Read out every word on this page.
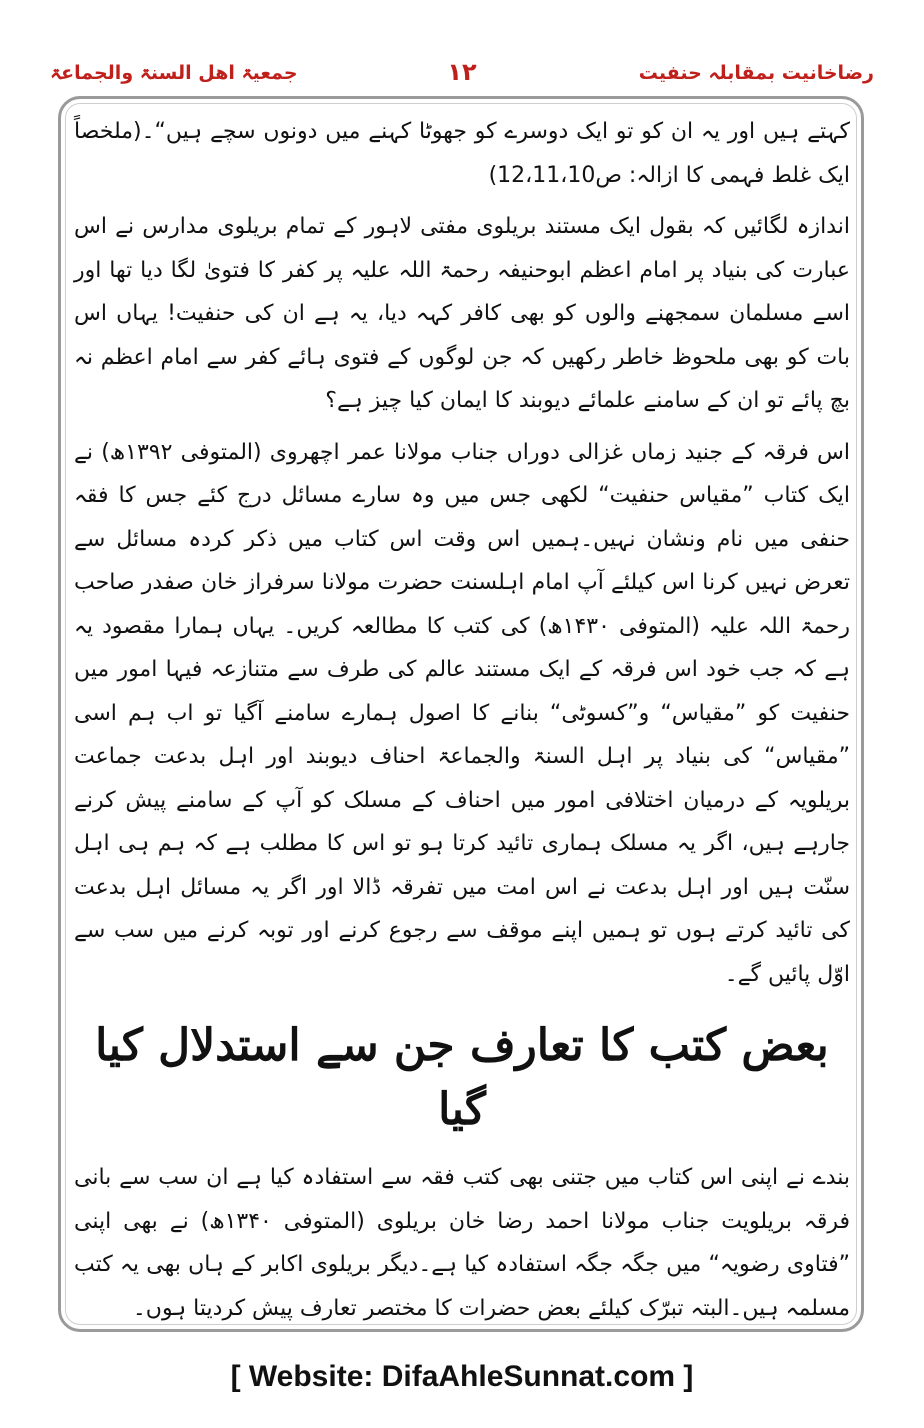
رضاخانیت بمقابلہ حنفیت
۱۲
جمعیۃ اھل السنۃ والجماعۃ

کہتے ہیں اور یہ ان کو تو ایک دوسرے کو جھوٹا کہنے میں دونوں سچے ہیں“۔(ملخصاً ایک غلط فہمی کا ازالہ: ص12،11،10)

اندازہ لگائیں کہ بقول ایک مستند بریلوی مفتی لاہور کے تمام بریلوی مدارس نے اس عبارت کی بنیاد پر امام اعظم ابوحنیفہ رحمۃ اللہ علیہ پر کفر کا فتویٰ لگا دیا تھا اور اسے مسلمان سمجھنے والوں کو بھی کافر کہہ دیا، یہ ہے ان کی حنفیت! یہاں اس بات کو بھی ملحوظ خاطر رکھیں کہ جن لوگوں کے فتوی ہائے کفر سے امام اعظم نہ بچ پائے تو ان کے سامنے علمائے دیوبند کا ایمان کیا چیز ہے؟

اس فرقہ کے جنید زماں غزالی دوراں جناب مولانا عمر اچھروی (المتوفی ۱۳۹۲ھ) نے ایک کتاب ”مقیاس حنفیت“ لکھی جس میں وہ سارے مسائل درج کئے جس کا فقہ حنفی میں نام ونشان نہیں۔ہمیں اس وقت اس کتاب میں ذکر کردہ مسائل سے تعرض نہیں کرنا اس کیلئے آپ امام اہلسنت حضرت مولانا سرفراز خان صفدر صاحب رحمۃ اللہ علیہ (المتوفی ۱۴۳۰ھ) کی کتب کا مطالعہ کریں۔ یہاں ہمارا مقصود یہ ہے کہ جب خود اس فرقہ کے ایک مستند عالم کی طرف سے متنازعہ فیہا امور میں حنفیت کو ”مقیاس“ و”کسوٹی“ بنانے کا اصول ہمارے سامنے آگیا تو اب ہم اسی ”مقیاس“ کی بنیاد پر اہل السنۃ والجماعۃ احناف دیوبند اور اہل بدعت جماعت بریلویہ کے درمیان اختلافی امور میں احناف کے مسلک کو آپ کے سامنے پیش کرنے جارہے ہیں، اگر یہ مسلک ہماری تائید کرتا ہو تو اس کا مطلب ہے کہ ہم ہی اہل سنّت ہیں اور اہل بدعت نے اس امت میں تفرقہ ڈالا اور اگر یہ مسائل اہل بدعت کی تائید کرتے ہوں تو ہمیں اپنے موقف سے رجوع کرنے اور توبہ کرنے میں سب سے اوّل پائیں گے۔

بعض کتب کا تعارف جن سے استدلال کیا گیا

بندے نے اپنی اس کتاب میں جتنی بھی کتب فقہ سے استفادہ کیا ہے ان سب سے بانی فرقہ بریلویت جناب مولانا احمد رضا خان بریلوی (المتوفی ۱۳۴۰ھ) نے بھی اپنی ”فتاوی رضویہ“ میں جگہ جگہ استفادہ کیا ہے۔دیگر بریلوی اکابر کے ہاں بھی یہ کتب مسلمہ ہیں۔البتہ تبرّک کیلئے بعض حضرات کا مختصر تعارف پیش کردیتا ہوں۔

[ Website: DifaAhleSunnat.com ]
